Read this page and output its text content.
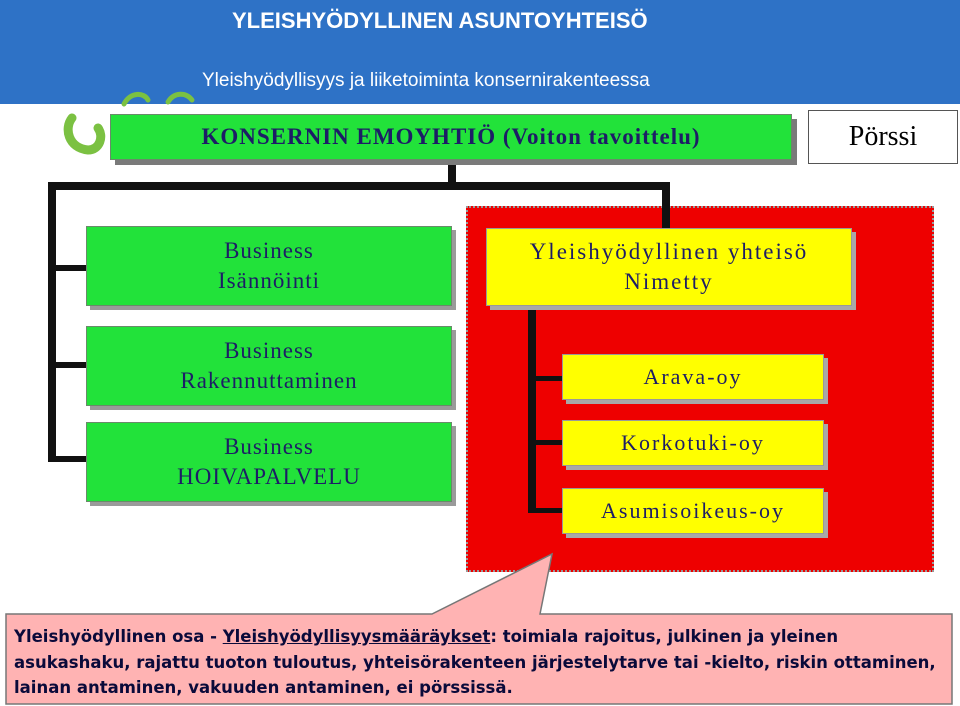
YLEISHYÖDYLLINEN ASUNTOYHTEISÖ
Yleishyödyllisyys ja liiketoiminta konsernirakenteessa
KONSERNIN EMOYHTIÖ (Voiton tavoittelu)	Pörssi
Business
Isännöinti
Business
Rakennuttaminen
Business
HOIVAPALVELU
Yleishyödyllinen yhteisö
Nimetty
Arava-oy
Korkotuki-oy
Asumisoikeus-oy
Yleishyödyllinen osa - Yleishyödyllisyysmääräykset: toimiala rajoitus, julkinen ja yleinen asukashaku, rajattu tuoton tuloutus, yhteisörakenteen järjestelytarve tai -kielto, riskin ottaminen, lainan antaminen, vakuuden antaminen, ei pörssissä.
